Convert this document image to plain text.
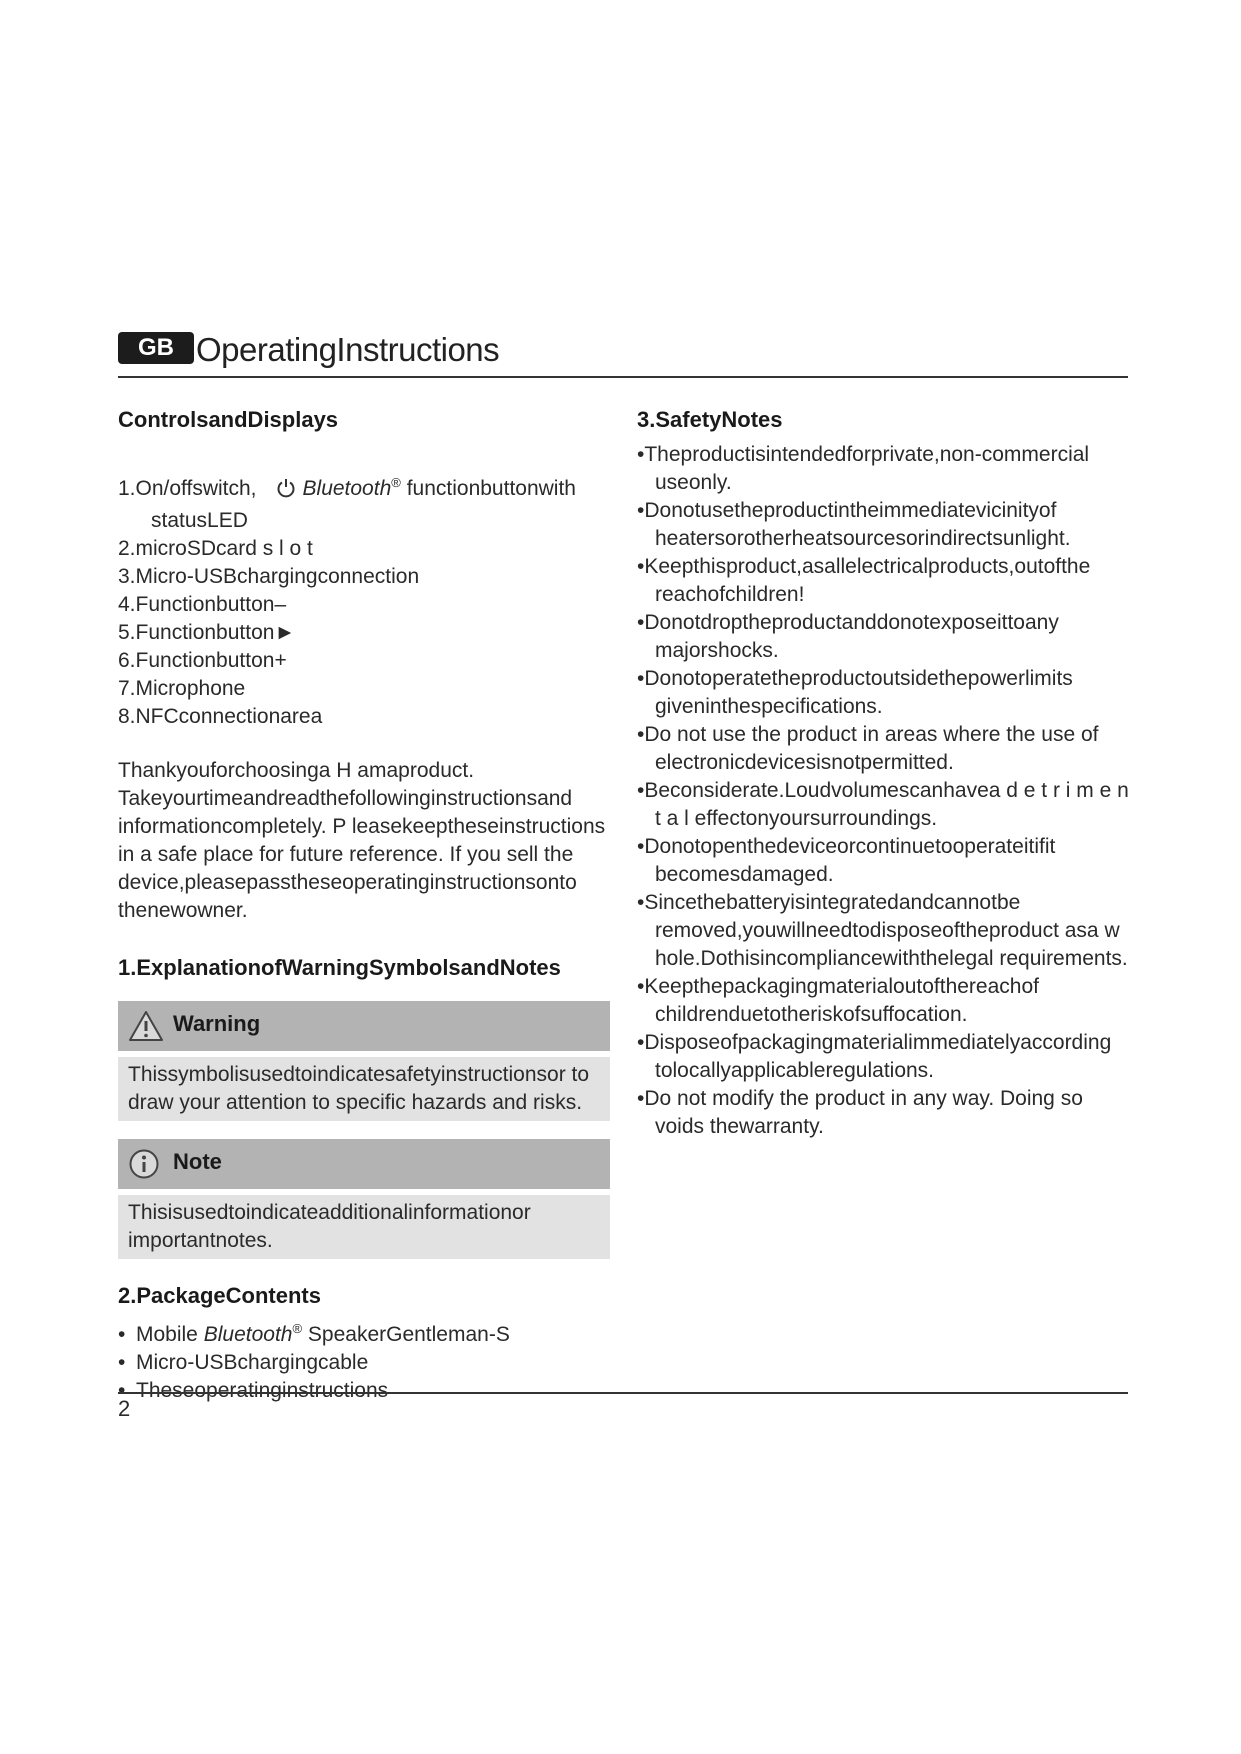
GB OperatingInstructions
ControlsandDisplays
1.On/offswitch, Bluetooth® functionbuttonwith
statusLED
2.microSDcard s l o t
3.Micro-USBchargingconnection
4.Functionbutton–
5.Functionbutton►
6.Functionbutton+
7.Microphone
8.NFCconnectionarea

Thankyouforchoosinga H amaproduct. Takeyourtimeandreadthefollowinginstructionsand informationcompletely. P leasekeeptheseinstructions in a safe place for future reference. If you sell the device,pleasepasstheseoperatinginstructionsonto thenewowner.

1.ExplanationofWarningSymbolsandNotes
Warning
Thissymbolisusedtoindicatesafetyinstructionsor to draw your attention to specific hazards and risks.
Note
Thisisusedtoindicateadditionalinformationor importantnotes.
2.PackageContents
• Mobile Bluetooth® SpeakerGentleman-S
• Micro-USBchargingcable
• Theseoperatinginstructions
3.SafetyNotes
•Theproductisintendedforprivate,non-commercial useonly.
•Donotusetheproductintheimmediatevicinityof heatersorotherheatsourcesorindirectsunlight.
•Keepthisproduct,asallelectricalproducts,outofthe reachofchildren!
•Donotdroptheproductanddonotexposeittoany majorshocks.
•Donotoperatetheproductoutsidethepowerlimits giveninthespecifications.
•Do not use the product in areas where the use of electronicdevicesisnotpermitted.
•Beconsiderate.Loudvolumescanhavea d e t r i m e n t a l effectonyoursurroundings.
•Donotopenthedeviceorcontinuetooperateitifit becomesdamaged.
•Sincethebatteryisintegratedandcannotbe removed,youwillneedtodisposeoftheproduct asa w hole.Dothisincompliancewiththelegal requirements.
•Keepthepackagingmaterialoutofthereachof childrenduetotheriskofsuffocation.
•Disposeofpackagingmaterialimmediatelyaccording tolocallyapplicableregulations.
•Do not modify the product in any way. Doing so voids thewarranty.
2
